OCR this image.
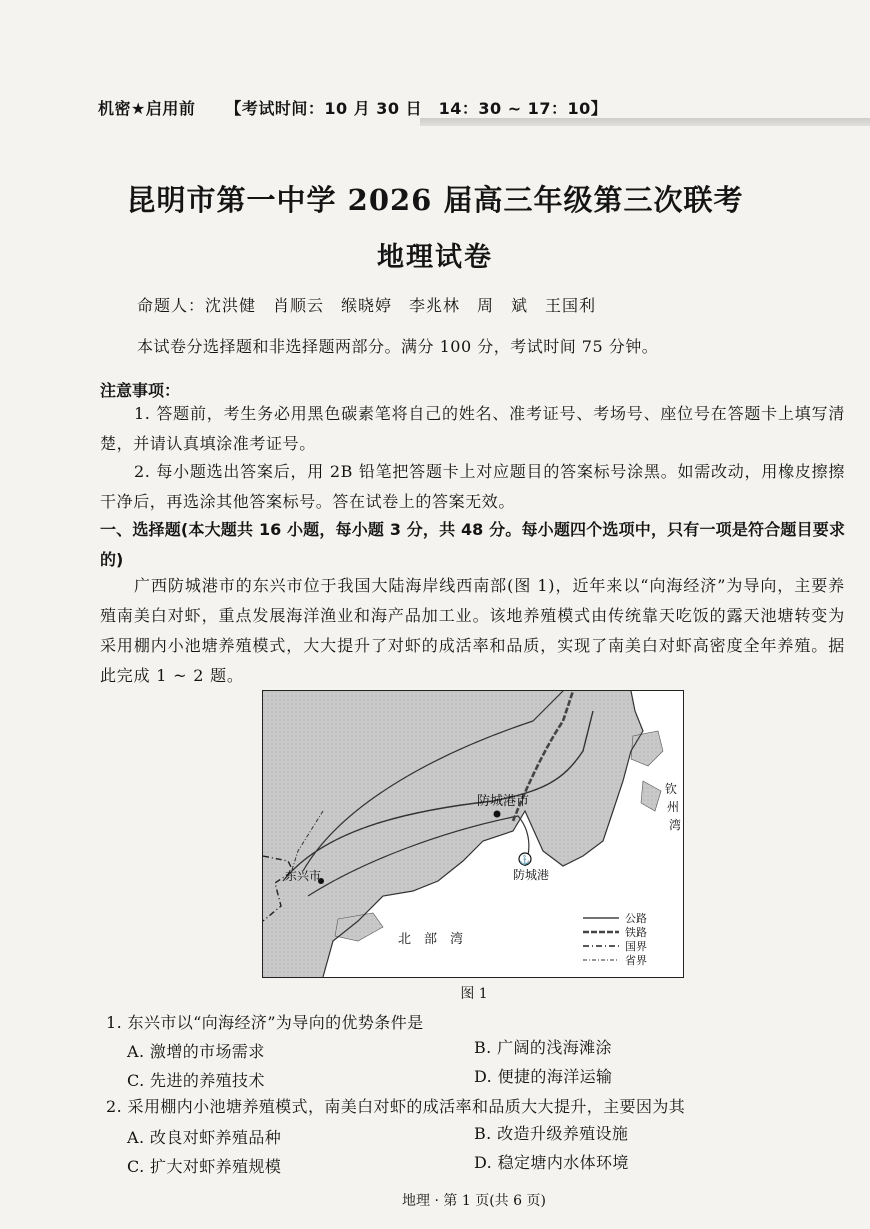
机密★启用前 【考试时间：10 月 30 日　14：30 ~ 17：10】
昆明市第一中学 2026 届高三年级第三次联考
地理试卷
命题人：沈洪健　肖顺云　缑晓婷　李兆林　周　斌　王国利
本试卷分选择题和非选择题两部分。满分 100 分，考试时间 75 分钟。
注意事项：
1. 答题前，考生务必用黑色碳素笔将自己的姓名、准考证号、考场号、座位号在答题卡上填写清楚，并请认真填涂准考证号。
2. 每小题选出答案后，用 2B 铅笔把答题卡上对应题目的答案标号涂黑。如需改动，用橡皮擦擦干净后，再选涂其他答案标号。答在试卷上的答案无效。
一、选择题(本大题共 16 小题，每小题 3 分，共 48 分。每小题四个选项中，只有一项是符合题目要求的)
广西防城港市的东兴市位于我国大陆海岸线西南部(图 1)，近年来以“向海经济”为导向，主要养殖南美白对虾，重点发展海洋渔业和海产品加工业。该地养殖模式由传统靠天吃饭的露天池塘转变为采用棚内小池塘养殖模式，大大提升了对虾的成活率和品质，实现了南美白对虾高密度全年养殖。据此完成 1 ~ 2 题。
⚓
防城港市
东兴市	防城港
钦
州
湾
北　部　湾
公路
铁路
国界
省界
图 1
1. 东兴市以“向海经济”为导向的优势条件是
A. 激增的市场需求	B. 广阔的浅海滩涂
C. 先进的养殖技术	D. 便捷的海洋运输
2. 采用棚内小池塘养殖模式，南美白对虾的成活率和品质大大提升，主要因为其
A. 改良对虾养殖品种	B. 改造升级养殖设施
C. 扩大对虾养殖规模	D. 稳定塘内水体环境
地理 · 第 1 页(共 6 页)
